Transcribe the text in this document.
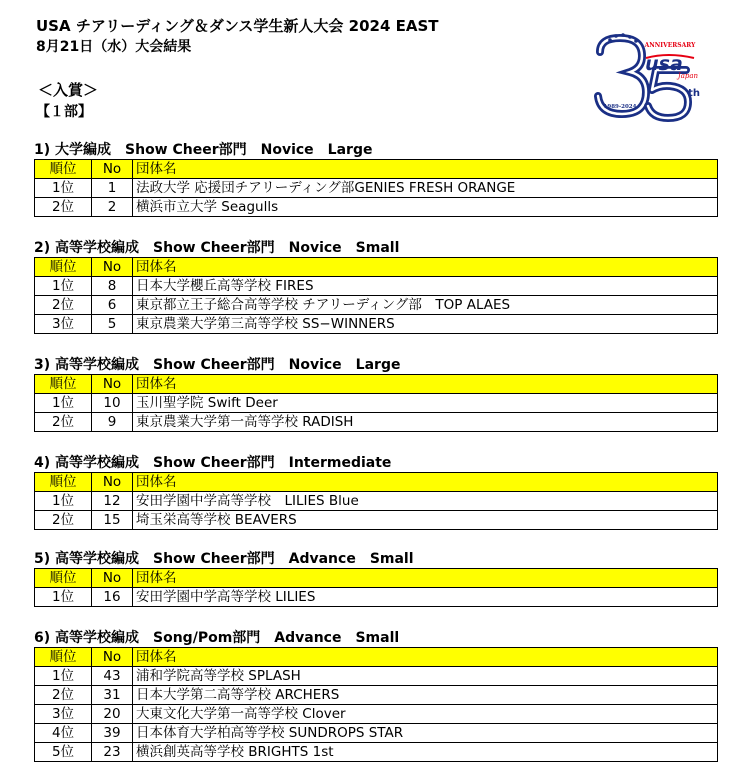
USA チアリーディング＆ダンス学生新人大会 2024 EAST
8月21日（水）大会結果
＜入賞＞
【１部】
ANNIVERSARY
usa
Japan
th
1989-2024
1) 大学編成　Show Cheer部門　Novice　Large
順位	No	団体名
1位	1	法政大学 応援団チアリーディング部GENIES FRESH ORANGE
2位	2	横浜市立大学 Seagulls
2) 高等学校編成　Show Cheer部門　Novice　Small
順位	No	団体名
1位	8	日本大学櫻丘高等学校 FIRES
2位	6	東京都立王子総合高等学校 チアリーディング部　TOP ALAES
3位	5	東京農業大学第三高等学校 SS−WINNERS
3) 高等学校編成　Show Cheer部門　Novice　Large
順位	No	団体名
1位	10	玉川聖学院 Swift Deer
2位	9	東京農業大学第一高等学校 RADISH
4) 高等学校編成　Show Cheer部門　Intermediate
順位	No	団体名
1位	12	安田学園中学高等学校　LILIES Blue
2位	15	埼玉栄高等学校 BEAVERS
5) 高等学校編成　Show Cheer部門　Advance　Small
順位	No	団体名
1位	16	安田学園中学高等学校 LILIES
6) 高等学校編成　Song/Pom部門　Advance　Small
順位	No	団体名
1位	43	浦和学院高等学校 SPLASH
2位	31	日本大学第二高等学校 ARCHERS
3位	20	大東文化大学第一高等学校 Clover
4位	39	日本体育大学柏高等学校 SUNDROPS STAR
5位	23	横浜創英高等学校 BRIGHTS 1st
